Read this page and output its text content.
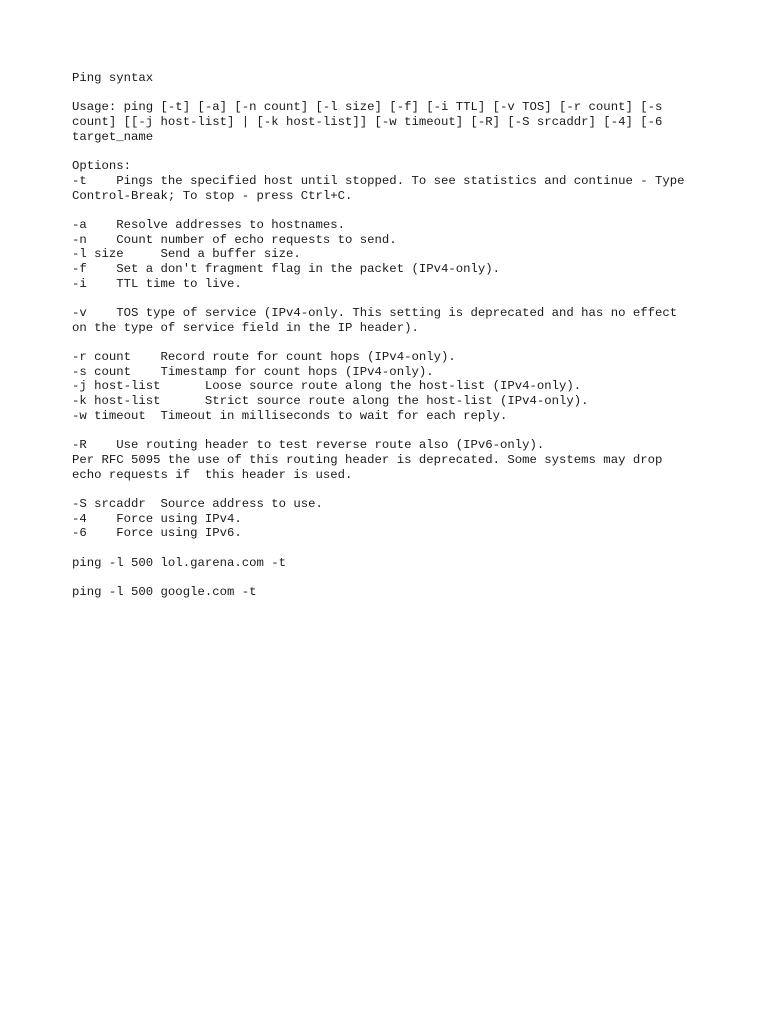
Ping syntax
Usage: ping [-t] [-a] [-n count] [-l size] [-f] [-i TTL] [-v TOS] [-r count] [-s
count] [[-j host-list] | [-k host-list]] [-w timeout] [-R] [-S srcaddr] [-4] [-6
target_name
Options:
-t    Pings the specified host until stopped. To see statistics and continue - Type
Control-Break; To stop - press Ctrl+C.
-a    Resolve addresses to hostnames.
-n    Count number of echo requests to send.
-l size     Send a buffer size.
-f    Set a don't fragment flag in the packet (IPv4-only).
-i    TTL time to live.
-v    TOS type of service (IPv4-only. This setting is deprecated and has no effect
on the type of service field in the IP header).
-r count    Record route for count hops (IPv4-only).
-s count    Timestamp for count hops (IPv4-only).
-j host-list      Loose source route along the host-list (IPv4-only).
-k host-list      Strict source route along the host-list (IPv4-only).
-w timeout  Timeout in milliseconds to wait for each reply.
-R    Use routing header to test reverse route also (IPv6-only).
Per RFC 5095 the use of this routing header is deprecated. Some systems may drop
echo requests if  this header is used.
-S srcaddr  Source address to use.
-4    Force using IPv4.
-6    Force using IPv6.
ping -l 500 lol.garena.com -t
ping -l 500 google.com -t
